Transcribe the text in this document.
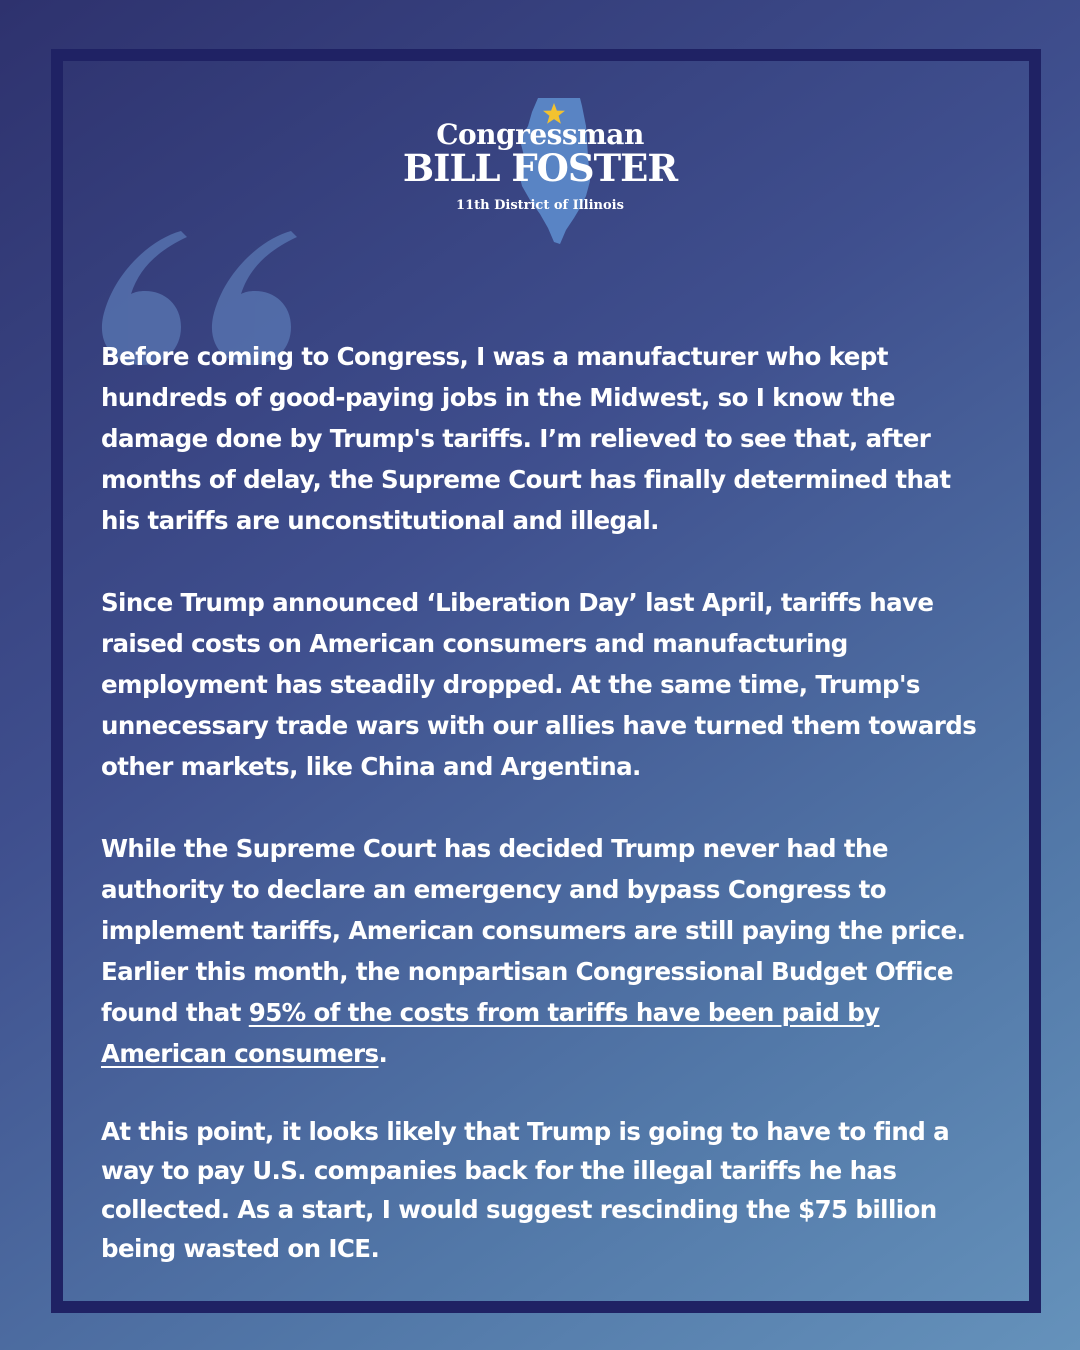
Congressman
BILL FOSTER
11th District of Illinois

Before coming to Congress, I was a manufacturer who kept hundreds of good-paying jobs in the Midwest, so I know the damage done by Trump's tariffs. I’m relieved to see that, after months of delay, the Supreme Court has finally determined that his tariffs are unconstitutional and illegal.

Since Trump announced ‘Liberation Day’ last April, tariffs have raised costs on American consumers and manufacturing employment has steadily dropped. At the same time, Trump's unnecessary trade wars with our allies have turned them towards other markets, like China and Argentina.

While the Supreme Court has decided Trump never had the authority to declare an emergency and bypass Congress to implement tariffs, American consumers are still paying the price. Earlier this month, the nonpartisan Congressional Budget Office found that 95% of the costs from tariffs have been paid by American consumers.

At this point, it looks likely that Trump is going to have to find a way to pay U.S. companies back for the illegal tariffs he has collected. As a start, I would suggest rescinding the $75 billion being wasted on ICE.
